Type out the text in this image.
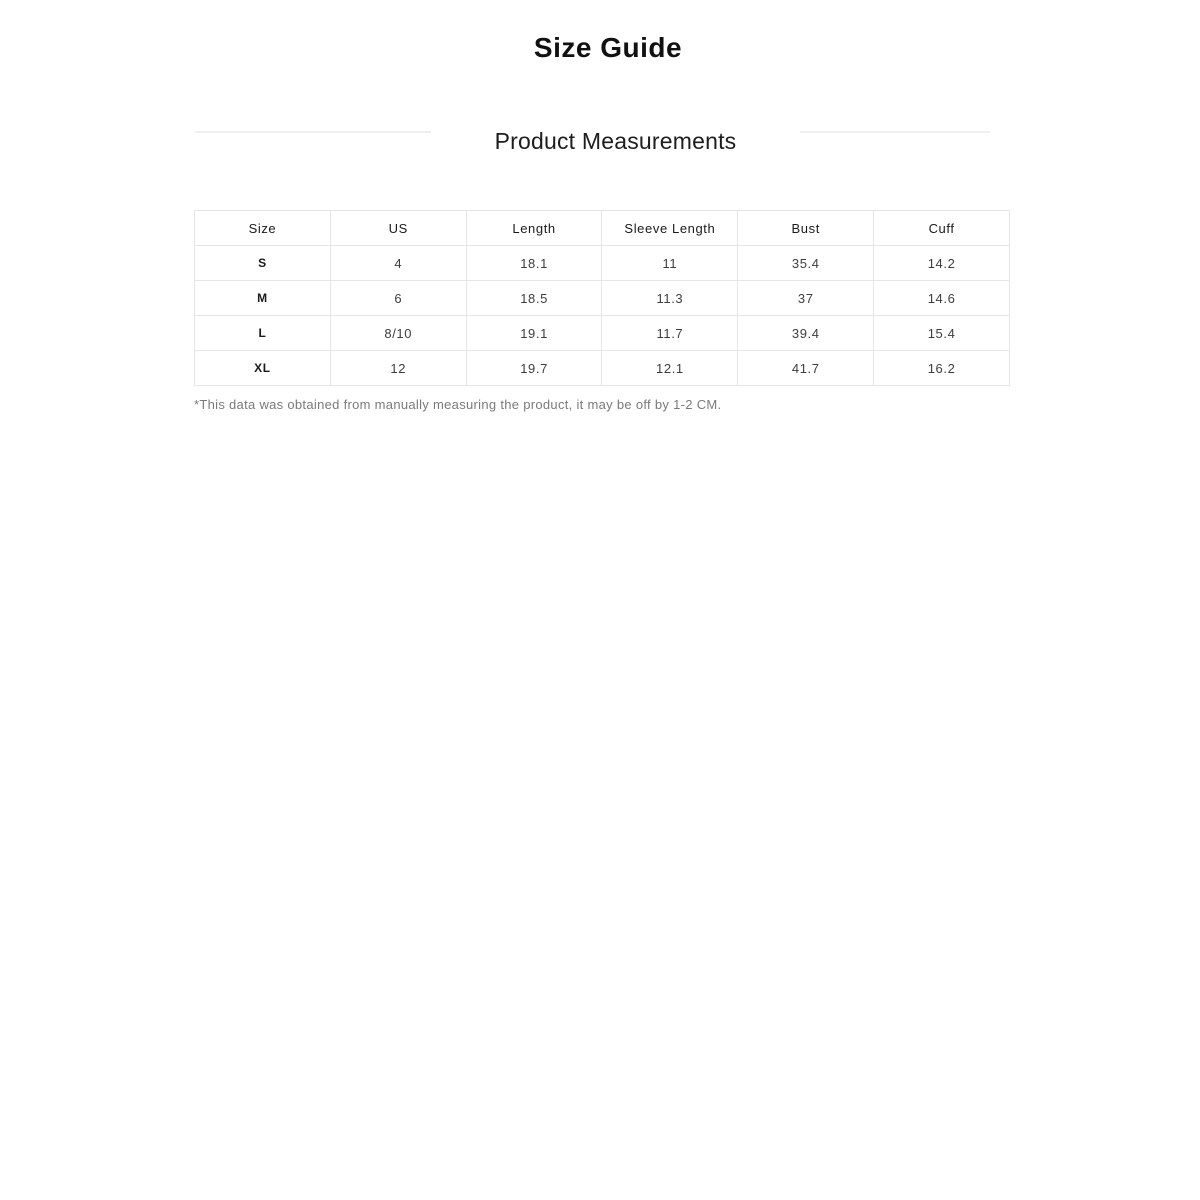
Size Guide
Product Measurements
Size	US	Length	Sleeve Length	Bust	Cuff
S	4	18.1	11	35.4	14.2
M	6	18.5	11.3	37	14.6
L	8/10	19.1	11.7	39.4	15.4
XL	12	19.7	12.1	41.7	16.2
*This data was obtained from manually measuring the product, it may be off by 1-2 CM.
